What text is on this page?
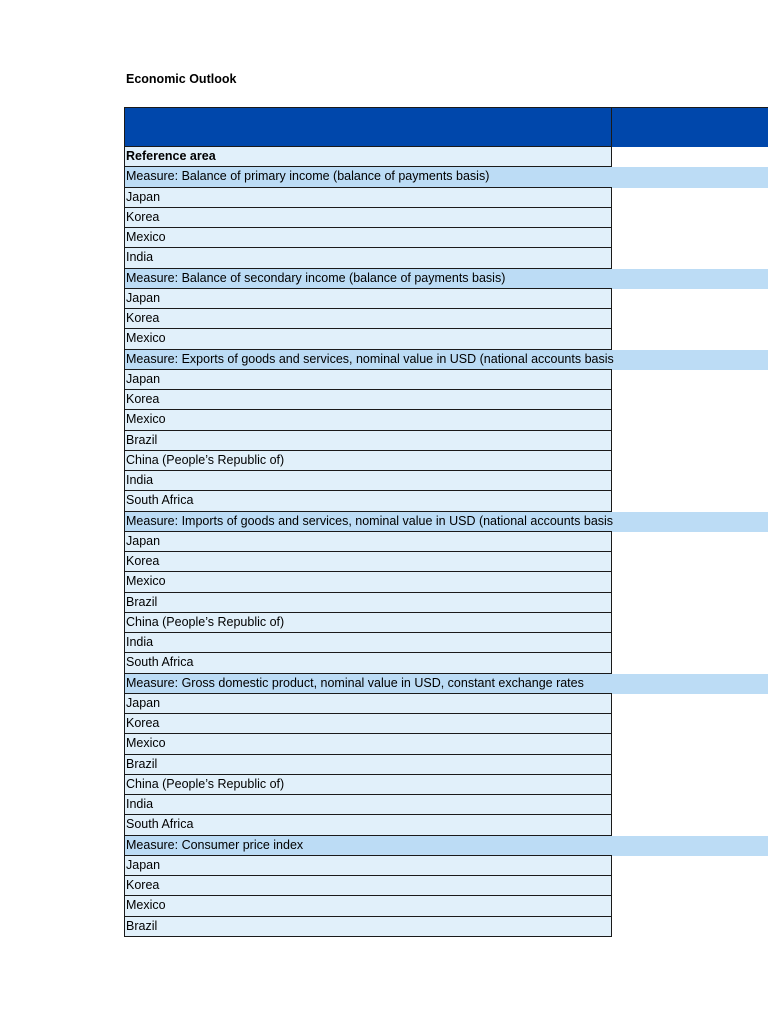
Economic Outlook
Reference area
Measure: Balance of primary income (balance of payments basis)
Japan
Korea
Mexico
India
Measure: Balance of secondary income (balance of payments basis)
Japan
Korea
Mexico
Measure: Exports of goods and services, nominal value in USD (national accounts basis
Japan
Korea
Mexico
Brazil
China (People’s Republic of)
India
South Africa
Measure: Imports of goods and services, nominal value in USD (national accounts basis
Japan
Korea
Mexico
Brazil
China (People’s Republic of)
India
South Africa
Measure: Gross domestic product, nominal value in USD, constant exchange rates
Japan
Korea
Mexico
Brazil
China (People’s Republic of)
India
South Africa
Measure: Consumer price index
Japan
Korea
Mexico
Brazil
